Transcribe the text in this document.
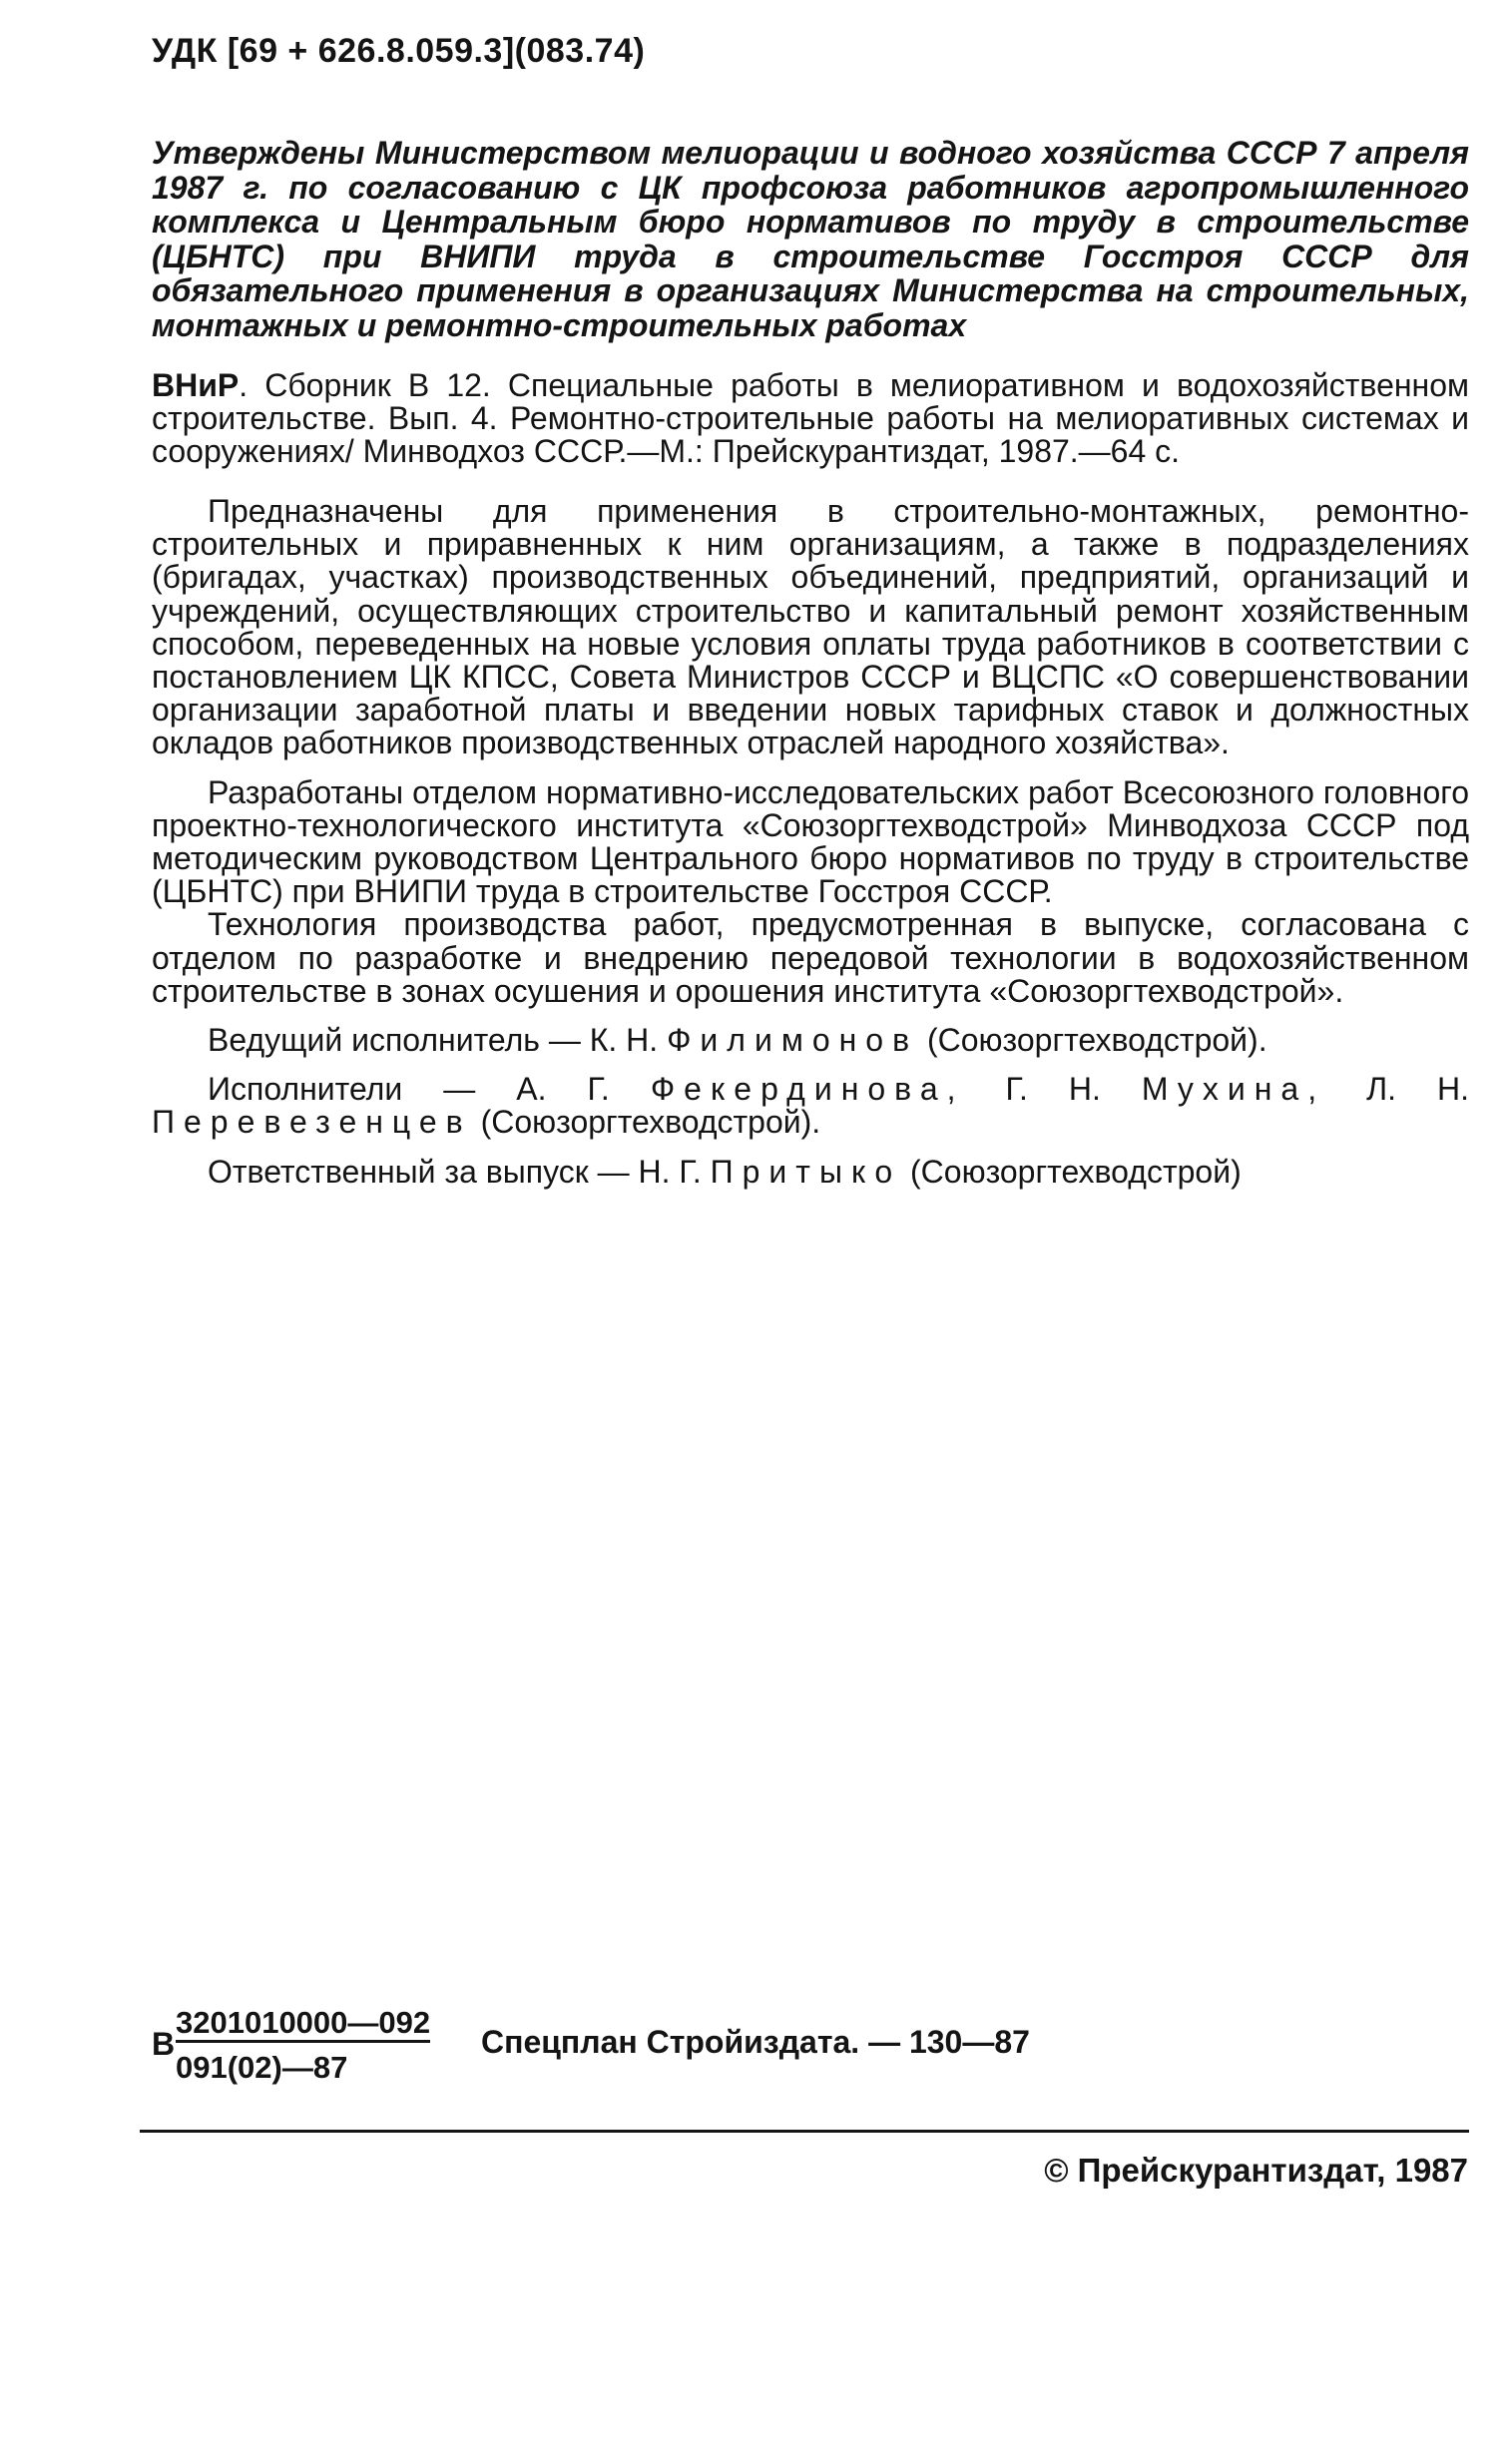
УДК [69 + 626.8.059.3](083.74)
Утверждены Министерством мелиорации и водного хозяйства СССР 7 апреля 1987 г. по согласованию с ЦК профсоюза работников агропромышленного комплекса и Центральным бюро нормативов по труду в строительстве (ЦБНТС) при ВНИПИ труда в строительстве Госстроя СССР для обязательного применения в организациях Министерства на строительных, монтажных и ремонтно-строительных работах
ВНиР. Сборник В 12. Специальные работы в мелиоративном и водохозяйственном строительстве. Вып. 4. Ремонтно-строительные работы на мелиоративных системах и сооружениях/ Минводхоз СССР.—М.: Прейскурантиздат, 1987.—64 с.

Предназначены для применения в строительно-монтажных, ремонтно-строительных и приравненных к ним организациям, а также в подразделениях (бригадах, участках) производственных объединений, предприятий, организаций и учреждений, осуществляющих строительство и капитальный ремонт хозяйственным способом, переведенных на новые условия оплаты труда работников в соответствии с постановлением ЦК КПСС, Совета Министров СССР и ВЦСПС «О совершенствовании организации заработной платы и введении новых тарифных ставок и должностных окладов работников производственных отраслей народного хозяйства».

Разработаны отделом нормативно-исследовательских работ Всесоюзного головного проектно-технологического института «Союзоргтехводстрой» Минводхоза СССР под методическим руководством Центрального бюро нормативов по труду в строительстве (ЦБНТС) при ВНИПИ труда в строительстве Госстроя СССР.

Технология производства работ, предусмотренная в выпуске, согласована с отделом по разработке и внедрению передовой технологии в водохозяйственном строительстве в зонах осушения и орошения института «Союзоргтехводстрой».

Ведущий исполнитель — К. Н. Филимонов (Союзоргтехводстрой).

Исполнители — А. Г. Фекердинова, Г. Н. Мухина, Л. Н. Перевезенцев (Союзоргтехводстрой).

Ответственный за выпуск — Н. Г. Притыко (Союзоргтехводстрой)

В
3201010000—092
091(02)—87
Спецплан Стройиздата. — 130—87
© Прейскурантиздат, 1987
